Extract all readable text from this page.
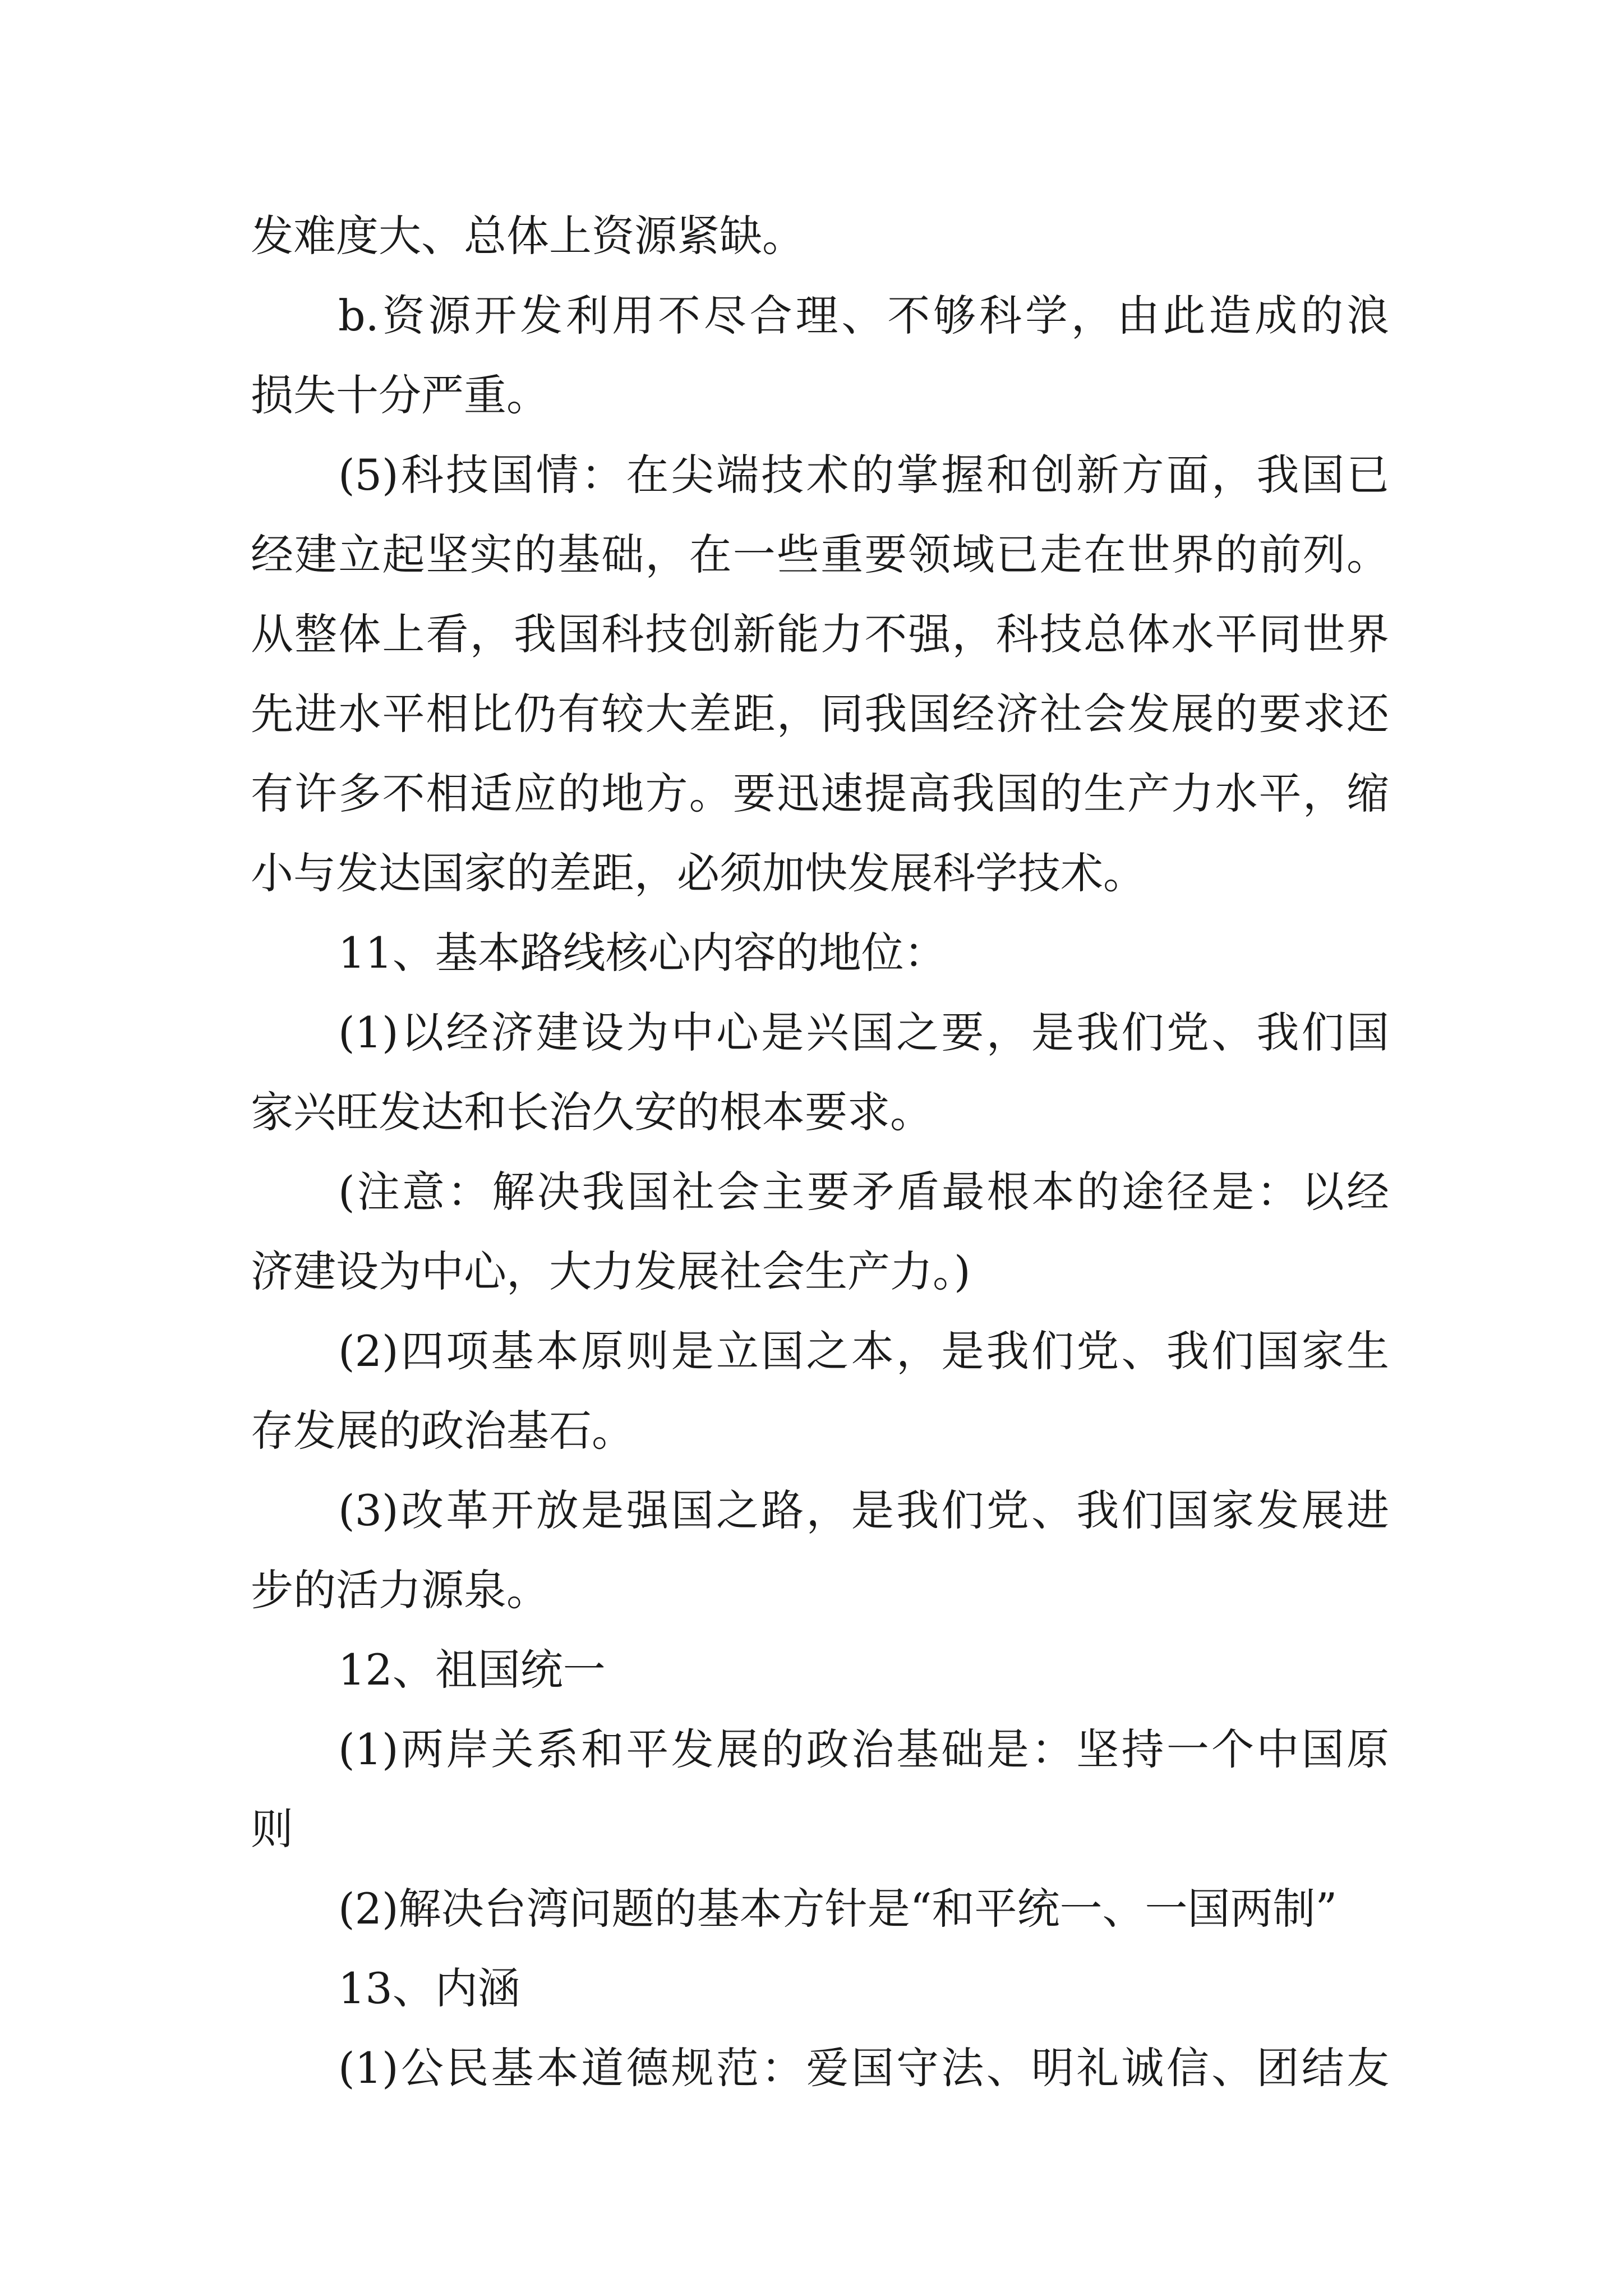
发难度大、总体上资源紧缺。
b.资源开发利用不尽合理、不够科学，由此造成的浪
损失十分严重。
(5)科技国情：在尖端技术的掌握和创新方面，我国已
经建立起坚实的基础，在一些重要领域已走在世界的前列。
从整体上看，我国科技创新能力不强，科技总体水平同世界
先进水平相比仍有较大差距，同我国经济社会发展的要求还
有许多不相适应的地方。要迅速提高我国的生产力水平，缩
小与发达国家的差距，必须加快发展科学技术。
11、基本路线核心内容的地位：
(1)以经济建设为中心是兴国之要，是我们党、我们国
家兴旺发达和长治久安的根本要求。
(注意：解决我国社会主要矛盾最根本的途径是：以经
济建设为中心，大力发展社会生产力。)
(2)四项基本原则是立国之本，是我们党、我们国家生
存发展的政治基石。
(3)改革开放是强国之路，是我们党、我们国家发展进
步的活力源泉。
12、祖国统一
(1)两岸关系和平发展的政治基础是：坚持一个中国原
则
(2)解决台湾问题的基本方针是“和平统一、一国两制”
13、内涵
(1)公民基本道德规范：爱国守法、明礼诚信、团结友
